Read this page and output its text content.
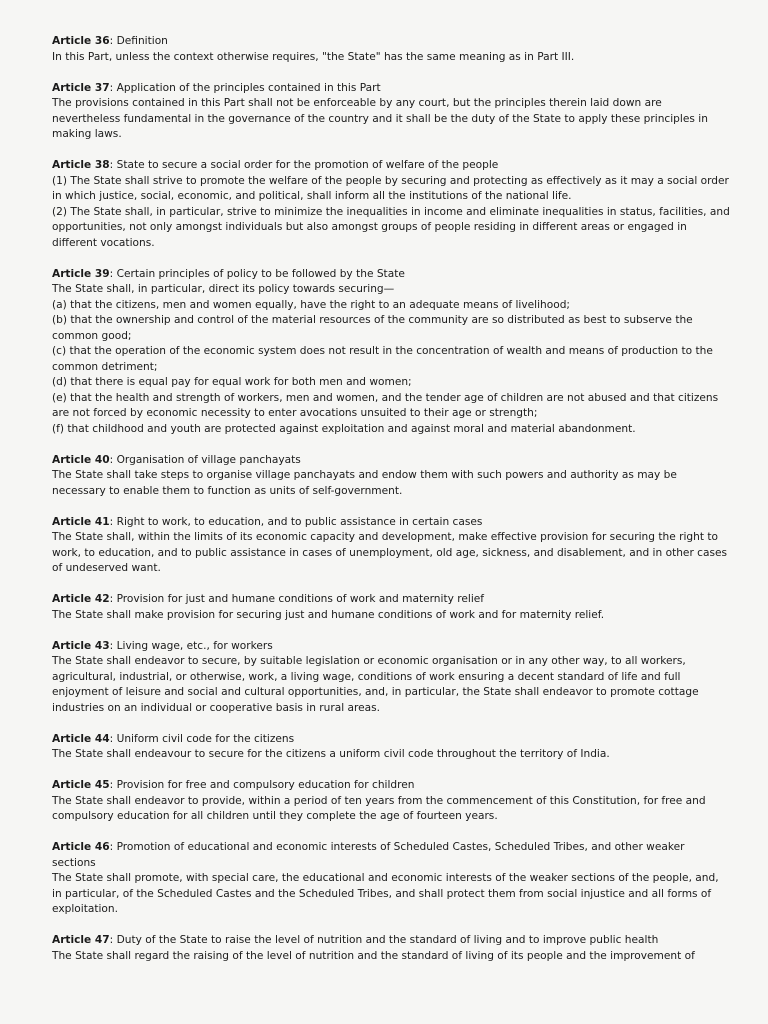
Article 36: Definition
In this Part, unless the context otherwise requires, "the State" has the same meaning as in Part III.
Article 37: Application of the principles contained in this Part
The provisions contained in this Part shall not be enforceable by any court, but the principles therein laid down are nevertheless fundamental in the governance of the country and it shall be the duty of the State to apply these principles in making laws.
Article 38: State to secure a social order for the promotion of welfare of the people
(1) The State shall strive to promote the welfare of the people by securing and protecting as effectively as it may a social order in which justice, social, economic, and political, shall inform all the institutions of the national life.
(2) The State shall, in particular, strive to minimize the inequalities in income and eliminate inequalities in status, facilities, and opportunities, not only amongst individuals but also amongst groups of people residing in different areas or engaged in different vocations.
Article 39: Certain principles of policy to be followed by the State
The State shall, in particular, direct its policy towards securing—
(a) that the citizens, men and women equally, have the right to an adequate means of livelihood;
(b) that the ownership and control of the material resources of the community are so distributed as best to subserve the common good;
(c) that the operation of the economic system does not result in the concentration of wealth and means of production to the common detriment;
(d) that there is equal pay for equal work for both men and women;
(e) that the health and strength of workers, men and women, and the tender age of children are not abused and that citizens are not forced by economic necessity to enter avocations unsuited to their age or strength;
(f) that childhood and youth are protected against exploitation and against moral and material abandonment.
Article 40: Organisation of village panchayats
The State shall take steps to organise village panchayats and endow them with such powers and authority as may be necessary to enable them to function as units of self-government.
Article 41: Right to work, to education, and to public assistance in certain cases
The State shall, within the limits of its economic capacity and development, make effective provision for securing the right to work, to education, and to public assistance in cases of unemployment, old age, sickness, and disablement, and in other cases of undeserved want.
Article 42: Provision for just and humane conditions of work and maternity relief
The State shall make provision for securing just and humane conditions of work and for maternity relief.
Article 43: Living wage, etc., for workers
The State shall endeavor to secure, by suitable legislation or economic organisation or in any other way, to all workers, agricultural, industrial, or otherwise, work, a living wage, conditions of work ensuring a decent standard of life and full enjoyment of leisure and social and cultural opportunities, and, in particular, the State shall endeavor to promote cottage industries on an individual or cooperative basis in rural areas.
Article 44: Uniform civil code for the citizens
The State shall endeavour to secure for the citizens a uniform civil code throughout the territory of India.
Article 45: Provision for free and compulsory education for children
The State shall endeavor to provide, within a period of ten years from the commencement of this Constitution, for free and compulsory education for all children until they complete the age of fourteen years.
Article 46: Promotion of educational and economic interests of Scheduled Castes, Scheduled Tribes, and other weaker sections
The State shall promote, with special care, the educational and economic interests of the weaker sections of the people, and, in particular, of the Scheduled Castes and the Scheduled Tribes, and shall protect them from social injustice and all forms of exploitation.
Article 47: Duty of the State to raise the level of nutrition and the standard of living and to improve public health
The State shall regard the raising of the level of nutrition and the standard of living of its people and the improvement of
